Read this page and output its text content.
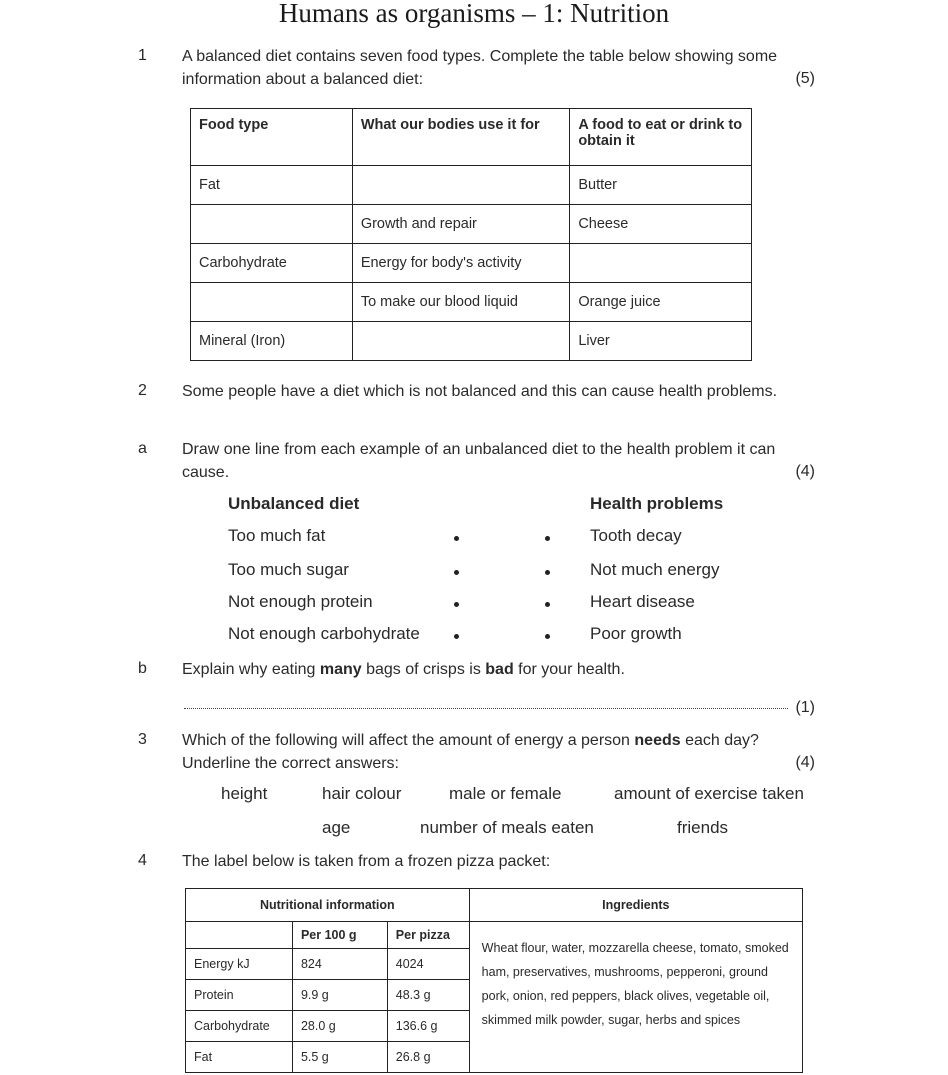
Humans as organisms – 1: Nutrition
1 A balanced diet contains seven food types. Complete the table below showing some information about a balanced diet:	(5)
Food type	What our bodies use it for	A food to eat or drink to obtain it
Fat		Butter
	Growth and repair	Cheese
Carbohydrate	Energy for body's activity	
	To make our blood liquid	Orange juice
Mineral (Iron)		Liver
2 Some people have a diet which is not balanced and this can cause health problems.
a Draw one line from each example of an unbalanced diet to the health problem it can cause.	(4)
Unbalanced diet	Health problems
Too much fat
Too much sugar
Not enough protein
Not enough carbohydrate
Tooth decay
Not much energy
Heart disease
Poor growth
b Explain why eating many bags of crisps is bad for your health.
(1)
3 Which of the following will affect the amount of energy a person needs each day?
Underline the correct answers:	(4)
height	hair colour	male or female	amount of exercise taken
age	number of meals eaten	friends
4 The label below is taken from a frozen pizza packet:
Nutritional information			Ingredients
	Per 100 g	Per pizza	Wheat flour, water, mozzarella cheese, tomato, smoked ham, preservatives, mushrooms, pepperoni, ground pork, onion, red peppers, black olives, vegetable oil, skimmed milk powder, sugar, herbs and spices
Energy kJ	824	4024	
Protein	9.9 g	48.3 g	
Carbohydrate	28.0 g	136.6 g	
Fat	5.5 g	26.8 g	
